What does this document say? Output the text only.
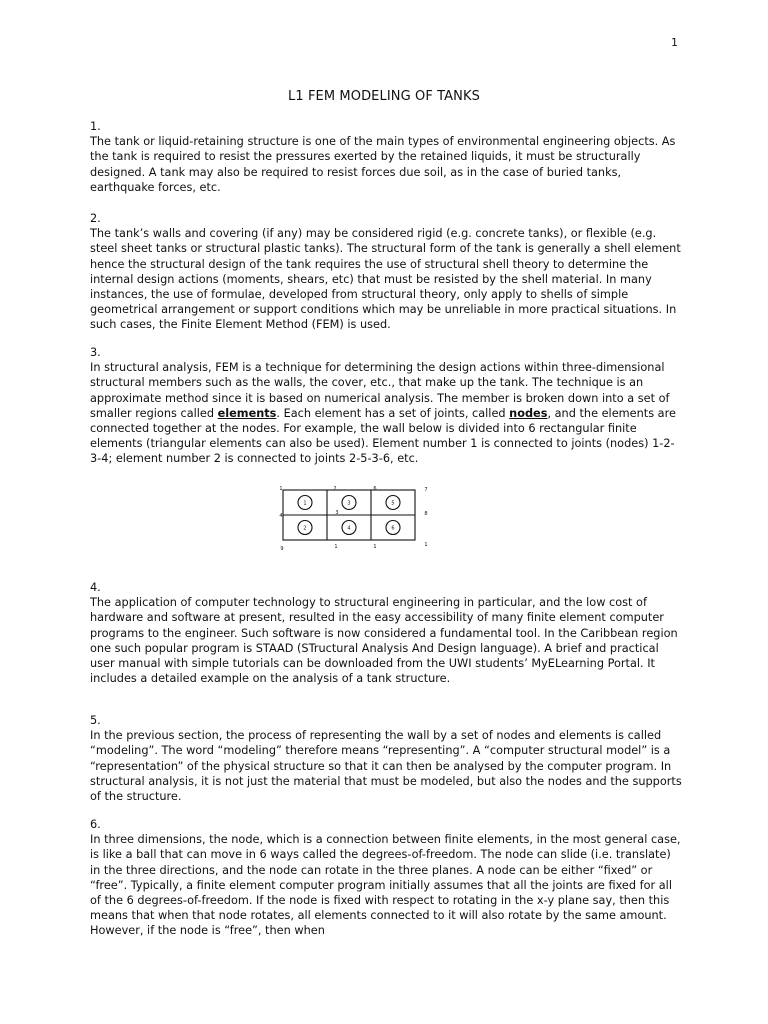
1
L1 FEM MODELING OF TANKS
1.

The tank or liquid-retaining structure is one of the main types of environmental engineering objects. As the tank is required to resist the pressures exerted by the retained liquids, it must be structurally designed. A tank may also be required to resist forces due soil, as in the case of buried tanks, earthquake forces, etc.

2.

The tank’s walls and covering (if any) may be considered rigid (e.g. concrete tanks), or flexible (e.g. steel sheet tanks or structural plastic tanks). The structural form of the tank is generally a shell element hence the structural design of the tank requires the use of structural shell theory to determine the internal design actions (moments, shears, etc) that must be resisted by the shell material. In many instances, the use of formulae, developed from structural theory, only apply to shells of simple geometrical arrangement or support conditions which may be unreliable in more practical situations. In such cases, the Finite Element Method (FEM) is used.

3.

In structural analysis, FEM is a technique for determining the design actions within three-dimensional structural members such as the walls, the cover, etc., that make up the tank. The technique is an approximate method since it is based on numerical analysis. The member is broken down into a set of smaller regions called elements. Each element has a set of joints, called nodes, and the elements are connected together at the nodes. For example, the wall below is divided into 6 rectangular finite elements (triangular elements can also be used). Element number 1 is connected to joints (nodes) 1-2-3-4; element number 2 is connected to joints 2-5-3-6, etc.

1	3	5
2	4	6
1	2	6	7
4	3	8
9	1	1	1
4.

The application of computer technology to structural engineering in particular, and the low cost of hardware and software at present, resulted in the easy accessibility of many finite element computer programs to the engineer. Such software is now considered a fundamental tool. In the Caribbean region one such popular program is STAAD (STructural Analysis And Design language). A brief and practical user manual with simple tutorials can be downloaded from the UWI students’ MyELearning Portal. It includes a detailed example on the analysis of a tank structure.

5.

In the previous section, the process of representing the wall by a set of nodes and elements is called “modeling”. The word “modeling” therefore means “representing”. A “computer structural model” is a “representation” of the physical structure so that it can then be analysed by the computer program. In structural analysis, it is not just the material that must be modeled, but also the nodes and the supports of the structure.

6.

In three dimensions, the node, which is a connection between finite elements, in the most general case, is like a ball that can move in 6 ways called the degrees-of-freedom. The node can slide (i.e. translate) in the three directions, and the node can rotate in the three planes. A node can be either “fixed” or “free”. Typically, a finite element computer program initially assumes that all the joints are fixed for all of the 6 degrees-of-freedom. If the node is fixed with respect to rotating in the x-y plane say, then this means that when that node rotates, all elements connected to it will also rotate by the same amount. However, if the node is “free”, then when
